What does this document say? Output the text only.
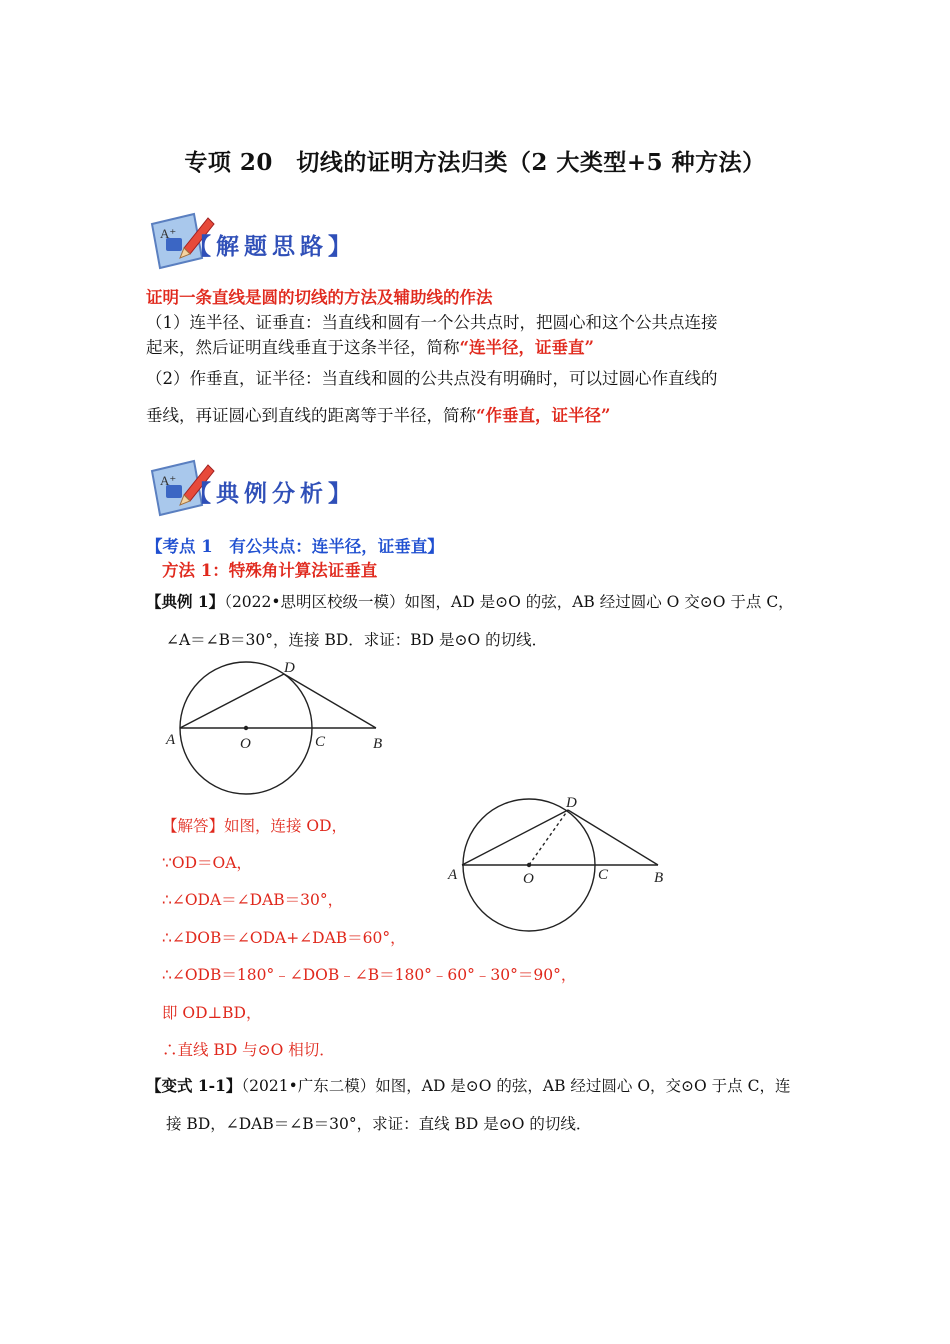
专项 20　切线的证明方法归类（2 大类型+5 种方法）
A⁺ 【解题思路】
证明一条直线是圆的切线的方法及辅助线的作法
（1）连半径、证垂直：当直线和圆有一个公共点时，把圆心和这个公共点连接
起来，然后证明直线垂直于这条半径，简称“连半径，证垂直”
（2）作垂直，证半径：当直线和圆的公共点没有明确时，可以过圆心作直线的
垂线，再证圆心到直线的距离等于半径，简称“作垂直，证半径”
A⁺ 【典例分析】
【考点 1　有公共点：连半径，证垂直】
方法 1：特殊角计算法证垂直
【典例 1】（2022•思明区校级一模）如图，AD 是⊙O 的弦，AB 经过圆心 O 交⊙O 于点 C，
∠A＝∠B＝30°，连接 BD．求证：BD 是⊙O 的切线．
A	O	C	B
D
【解答】如图，连接 OD，
∵OD＝OA，
∴∠ODA＝∠DAB＝30°，
∴∠DOB＝∠ODA+∠DAB＝60°，
∴∠ODB＝180°﹣∠DOB﹣∠B＝180°﹣60°﹣30°＝90°，
即 OD⊥BD，
∴直线 BD 与⊙O 相切．
A	O	C	B
D
【变式 1-1】（2021•广东二模）如图，AD 是⊙O 的弦，AB 经过圆心 O，交⊙O 于点 C，连
接 BD，∠DAB＝∠B＝30°，求证：直线 BD 是⊙O 的切线．
